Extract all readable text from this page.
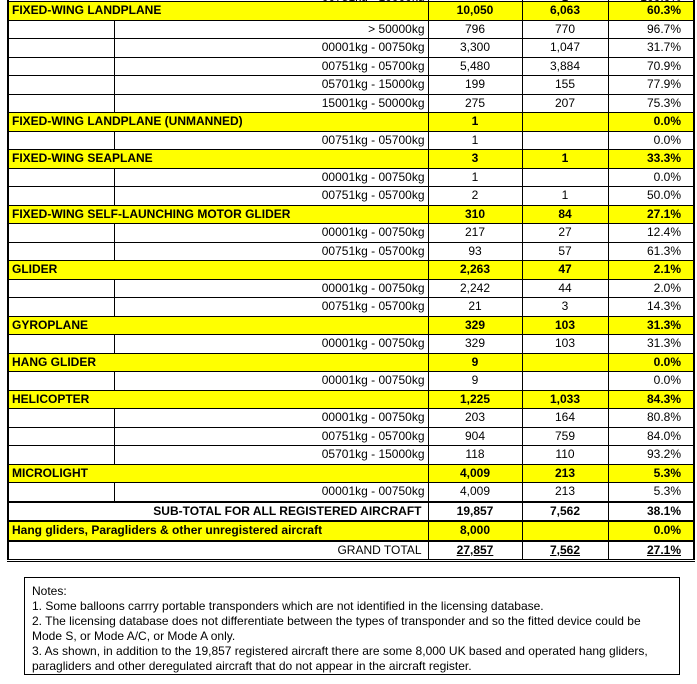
FIXED-WING LANDPLANE		10,050	6,063	60.3%
	> 50000kg	796	770	96.7%
	00001kg - 00750kg	3,300	1,047	31.7%
	00751kg - 05700kg	5,480	3,884	70.9%
	05701kg - 15000kg	199	155	77.9%
	15001kg - 50000kg	275	207	75.3%
FIXED-WING LANDPLANE (UNMANNED)		1		0.0%
	00751kg - 05700kg	1		0.0%
FIXED-WING SEAPLANE		3	1	33.3%
	00001kg - 00750kg	1		0.0%
	00751kg - 05700kg	2	1	50.0%
FIXED-WING SELF-LAUNCHING MOTOR GLIDER		310	84	27.1%
	00001kg - 00750kg	217	27	12.4%
	00751kg - 05700kg	93	57	61.3%
GLIDER		2,263	47	2.1%
	00001kg - 00750kg	2,242	44	2.0%
	00751kg - 05700kg	21	3	14.3%
GYROPLANE		329	103	31.3%
	00001kg - 00750kg	329	103	31.3%
HANG GLIDER		9		0.0%
	00001kg - 00750kg	9		0.0%
HELICOPTER		1,225	1,033	84.3%
	00001kg - 00750kg	203	164	80.8%
	00751kg - 05700kg	904	759	84.0%
	05701kg - 15000kg	118	110	93.2%
MICROLIGHT		4,009	213	5.3%
	00001kg - 00750kg	4,009	213	5.3%
SUB-TOTAL FOR ALL REGISTERED AIRCRAFT		19,857	7,562	38.1%
Hang gliders, Paragliders & other unregistered aircraft		8,000		0.0%
GRAND TOTAL		27,857	7,562	27.1%
Notes:
1. Some balloons carrry portable transponders which are not identified in the licensing database.
2. The licensing database does not differentiate between the types of transponder and so the fitted device could be Mode S, or Mode A/C, or Mode A only.
3. As shown, in addition to the 19,857 registered aircraft there are some 8,000 UK based and operated hang gliders, paragliders and other deregulated aircraft that do not appear in the aircraft register.
